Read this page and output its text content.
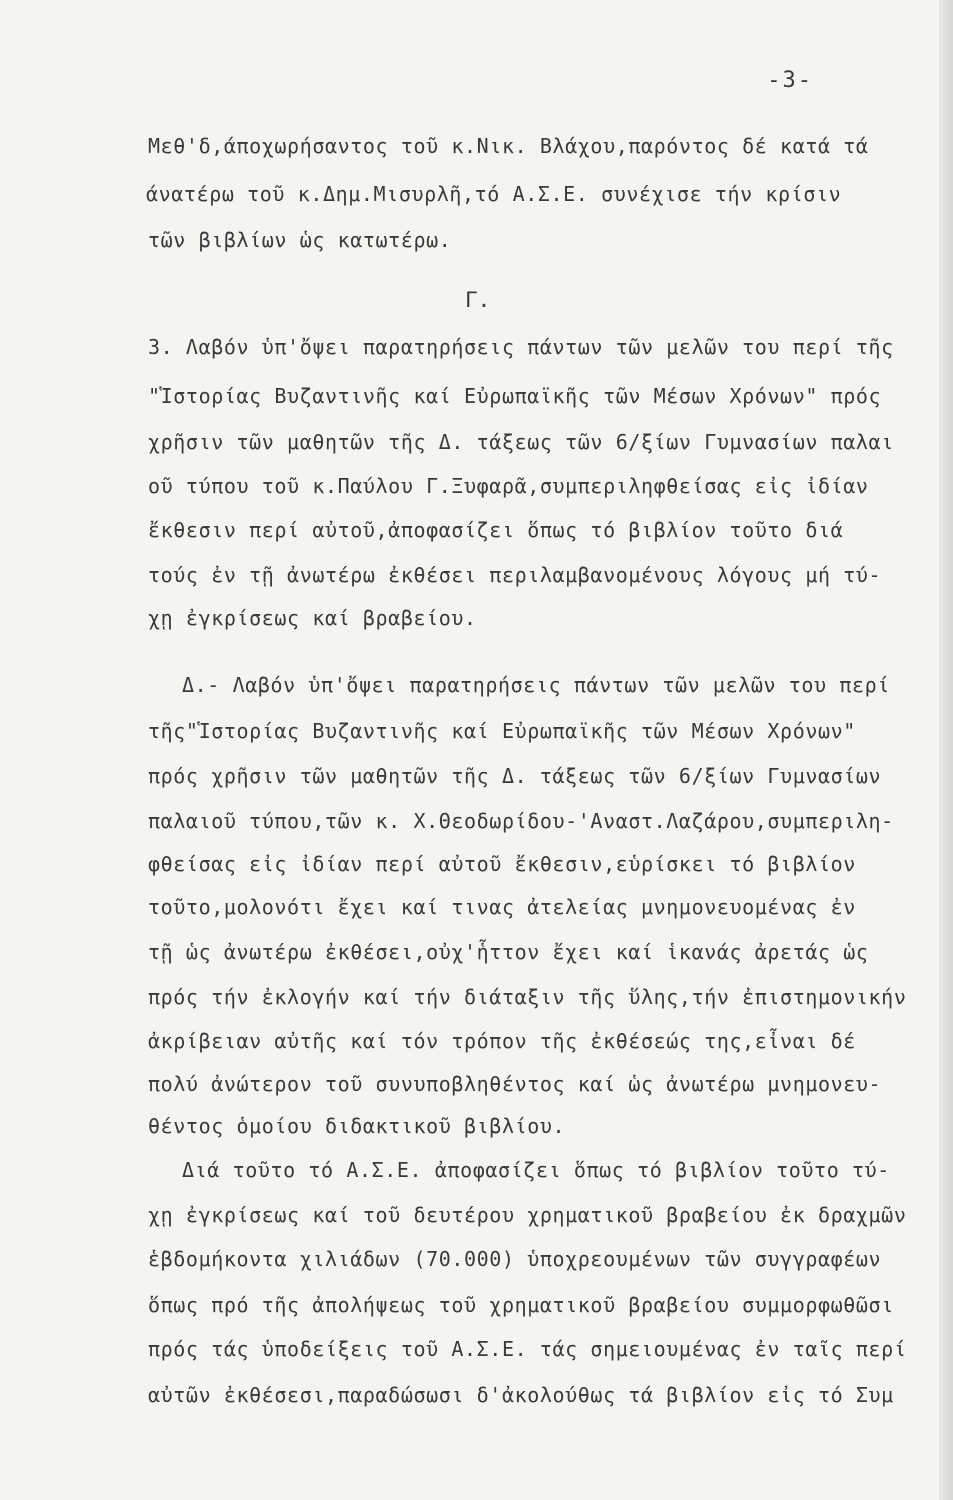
-3-
Μεθ'δ,άποχωρήσαντος τοῦ κ.Νικ. Βλάχου,παρόντος δέ κατά τά
άνατέρω τοῦ κ.Δημ.Μισυρλῆ,τό Α.Σ.Ε. συνέχισε τήν κρίσιν
τῶν βιβλίων ὡς κατωτέρω.
Γ.
3. Λαβόν ὑπ'ὄψει παρατηρήσεις πάντων τῶν μελῶν του περί τῆς
"Ἱστορίας Βυζαντινῆς καί Εὐρωπαϊκῆς τῶν Μέσων Χρόνων" πρός
χρῆσιν τῶν μαθητῶν τῆς Δ. τάξεως τῶν 6/ξίων Γυμνασίων παλαι
οῦ τύπου τοῦ κ.Παύλου Γ.Ξυφαρᾶ,συμπεριληφθείσας εἰς ἰδίαν
ἔκθεσιν περί αὐτοῦ,ἀποφασίζει ὅπως τό βιβλίον τοῦτο διά
τούς ἐν τῇ ἀνωτέρω ἐκθέσει περιλαμβανομένους λόγους μή τύ-
χῃ ἐγκρίσεως καί βραβείου.
Δ.- Λαβόν ὑπ'ὄψει παρατηρήσεις πάντων τῶν μελῶν του περί
τῆς"Ἱστορίας Βυζαντινῆς καί Εὐρωπαϊκῆς τῶν Μέσων Χρόνων"
πρός χρῆσιν τῶν μαθητῶν τῆς Δ. τάξεως τῶν 6/ξίων Γυμνασίων
παλαιοῦ τύπου,τῶν κ. Χ.Θεοδωρίδου-'Αναστ.Λαζάρου,συμπεριλη-
φθείσας εἰς ἰδίαν περί αὐτοῦ ἔκθεσιν,εὑρίσκει τό βιβλίον
τοῦτο,μολονότι ἔχει καί τινας ἀτελείας μνημονευομένας ἐν
τῇ ὡς ἀνωτέρω ἐκθέσει,οὐχ'ἧττον ἔχει καί ἱκανάς ἀρετάς ὡς
πρός τήν ἐκλογήν καί τήν διάταξιν τῆς ὕλης,τήν ἐπιστημονικήν
ἀκρίβειαν αὐτῆς καί τόν τρόπον τῆς ἐκθέσεώς της,εἶναι δέ
πολύ ἀνώτερον τοῦ συνυποβληθέντος καί ὡς ἀνωτέρω μνημονευ-
θέντος ὁμοίου διδακτικοῦ βιβλίου.
Διά τοῦτο τό Α.Σ.Ε. ἀποφασίζει ὅπως τό βιβλίον τοῦτο τύ-
χῃ ἐγκρίσεως καί τοῦ δευτέρου χρηματικοῦ βραβείου ἐκ δραχμῶν
ἑβδομήκοντα χιλιάδων (70.000) ὑποχρεουμένων τῶν συγγραφέων
ὅπως πρό τῆς ἀπολήψεως τοῦ χρηματικοῦ βραβείου συμμορφωθῶσι
πρός τάς ὑποδείξεις τοῦ Α.Σ.Ε. τάς σημειουμένας ἐν ταῖς περί
αὐτῶν ἐκθέσεσι,παραδώσωσι δ'ἀκολούθως τά βιβλίον εἰς τό Συμ
